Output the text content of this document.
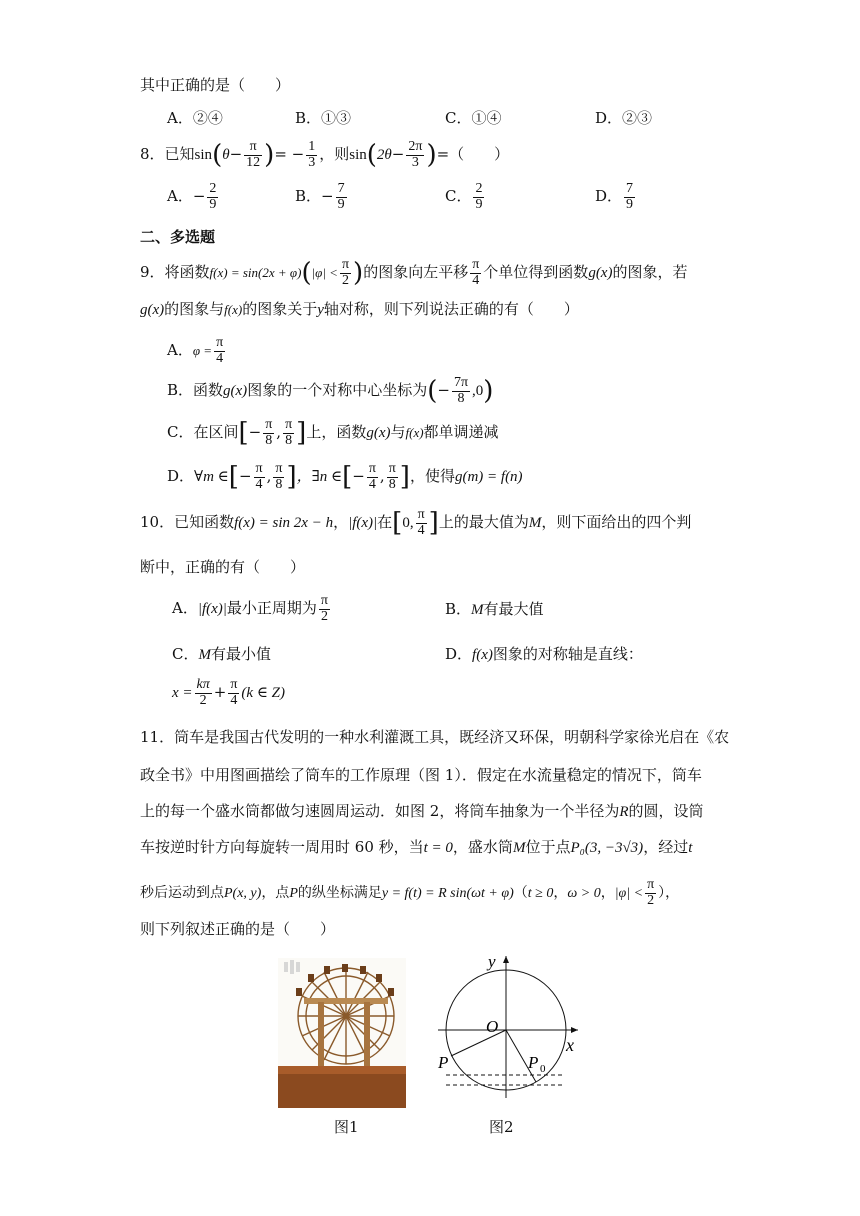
其中正确的是（　　）
A．②④	B．①③	C．①④	D．②③
8．已知$\sin(\theta- \frac{\pi}{12}$ )= − $\frac{1}{3}$ ，则$\sin(2\theta- \frac{2\pi}{3}$ )=（　　）
A．− $\frac{2}{9}$	B．− $\frac{7}{9}$	C． $\frac{2}{9}$	D． $\frac{7}{9}$
二、多选题
9．将函数$f(x) = \sin(2x + \varphi)(|\varphi| < \frac{\pi}{2}$ )的图象向左平移 $\frac{\pi}{4}$ 个单位得到函数g(x)的图象，若
g(x)的图象与f(x)的图象关于y轴对称，则下列说法正确的有（　　）
A．$\varphi = \frac{\pi}{4}$
B．函数g(x)图象的一个对称中心坐标为(− $\frac{7\pi}{8} ,0$)
C．在区间[− $\frac{\pi}{8}$ , $\frac{\pi}{8}$ ]上，函数g(x)与f(x)都单调递减
D．∀m ∈[− $\frac{\pi}{4}$ , $\frac{\pi}{8}$ ]，∃n ∈[− $\frac{\pi}{4}$ , $\frac{\pi}{8}$ ]，使得g(m) = f(n)
10．已知函数f(x) = sin 2x − h，|f(x)|在[0, $\frac{\pi}{4}$ ]上的最大值为M，则下面给出的四个判
断中，正确的有（　　）
A．|f(x)|最小正周期为 $\frac{\pi}{2}$	B．M有最大值
C．M有最小值	D．f(x)图象的对称轴是直线：
$x = \frac{k\pi}{2} + \frac{\pi}{4} (k$ ∈ Z)
11．筒车是我国古代发明的一种水利灌溉工具，既经济又环保，明朝科学家徐光启在《农
政全书》中用图画描绘了筒车的工作原理（图 1）．假定在水流量稳定的情况下，筒车
上的每一个盛水筒都做匀速圆周运动．如图 2，将筒车抽象为一个半径为R的圆，设筒
车按逆时针方向每旋转一周用时 60 秒，当t = 0，盛水筒M位于点P₀(3, −3√3)，经过t
秒后运动到点P(x, y)，点P的纵坐标满足y = f(t) = R sin(ωt + φ)（t ≥ 0，ω > 0，$|\varphi| < \frac{\pi}{2}$ ），
则下列叙述正确的是（　　）
图1
y
x
O
P	P 0
图2
